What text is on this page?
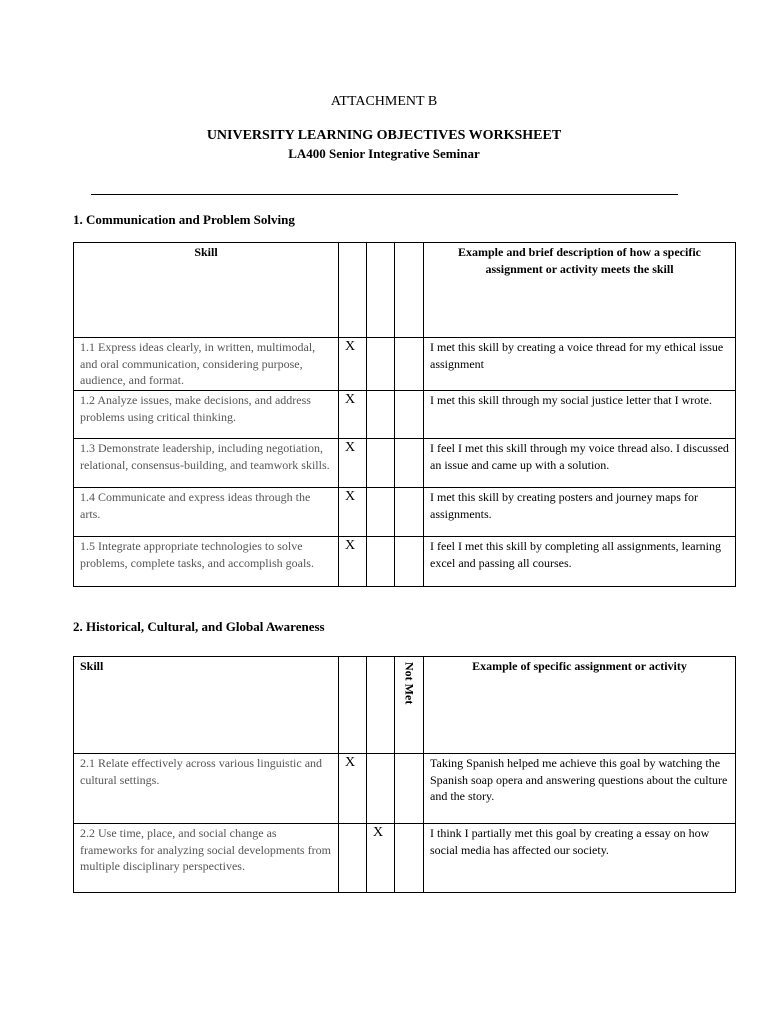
ATTACHMENT B
UNIVERSITY LEARNING OBJECTIVES WORKSHEET
LA400 Senior Integrative Seminar
1. Communication and Problem Solving
Skill				Example and brief description of how a specific assignment or activity meets the skill
1.1 Express ideas clearly, in written, multimodal, and oral communication, considering purpose, audience, and format.	X			I met this skill by creating a voice thread for my ethical issue assignment
1.2 Analyze issues, make decisions, and address problems using critical thinking.	X			I met this skill through my social justice letter that I wrote.
1.3 Demonstrate leadership, including negotiation, relational, consensus-building, and teamwork skills.	X			I feel I met this skill through my voice thread also. I discussed an issue and came up with a solution.
1.4 Communicate and express ideas through the arts.	X			I met this skill by creating posters and journey maps for assignments.
1.5 Integrate appropriate technologies to solve problems, complete tasks, and accomplish goals.	X			I feel I met this skill by completing all assignments, learning excel and passing all courses.
2. Historical, Cultural, and Global Awareness
Skill			Not Met	Example of specific assignment or activity
2.1 Relate effectively across various linguistic and cultural settings.	X			Taking Spanish helped me achieve this goal by watching the Spanish soap opera and answering questions about the culture and the story.
2.2 Use time, place, and social change as frameworks for analyzing social developments from multiple disciplinary perspectives.		X		I think I partially met this goal by creating a essay on how social media has affected our society.
